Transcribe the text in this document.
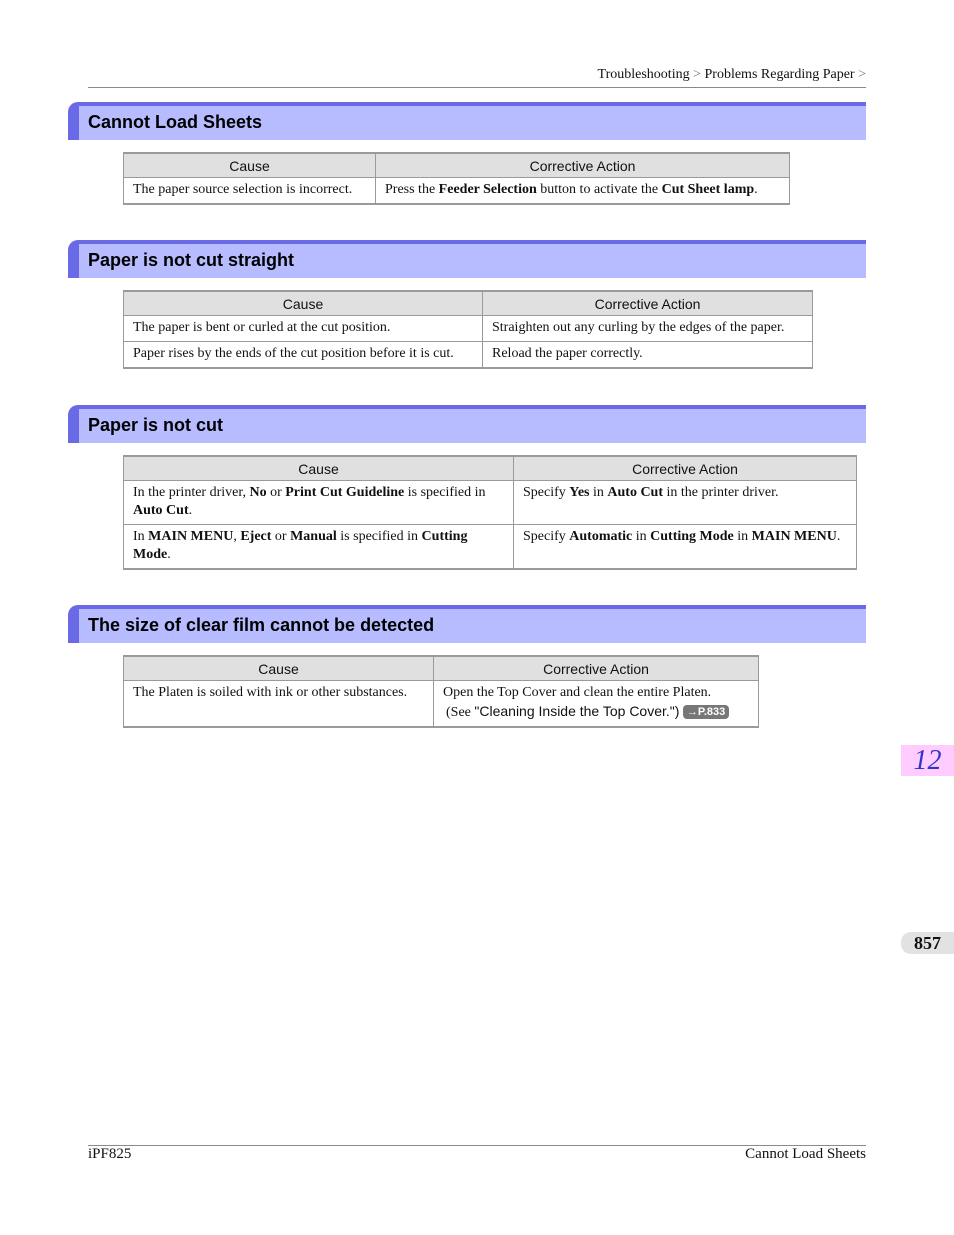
Troubleshooting > Problems Regarding Paper >
Cannot Load Sheets
Cause	Corrective Action
The paper source selection is incorrect.	Press the Feeder Selection button to activate the Cut Sheet lamp.
Paper is not cut straight
Cause	Corrective Action
The paper is bent or curled at the cut position.	Straighten out any curling by the edges of the paper.
Paper rises by the ends of the cut position before it is cut.	Reload the paper correctly.
Paper is not cut
Cause	Corrective Action
In the printer driver, No or Print Cut Guideline is specified in Auto Cut.	Specify Yes in Auto Cut in the printer driver.
In MAIN MENU, Eject or Manual is specified in Cutting Mode.	Specify Automatic in Cutting Mode in MAIN MENU.
The size of clear film cannot be detected
Cause	Corrective Action
The Platen is soiled with ink or other substances.	Open the Top Cover and clean the entire Platen.
(See "Cleaning Inside the Top Cover.") →P.833
12
857
iPF825	Cannot Load Sheets
